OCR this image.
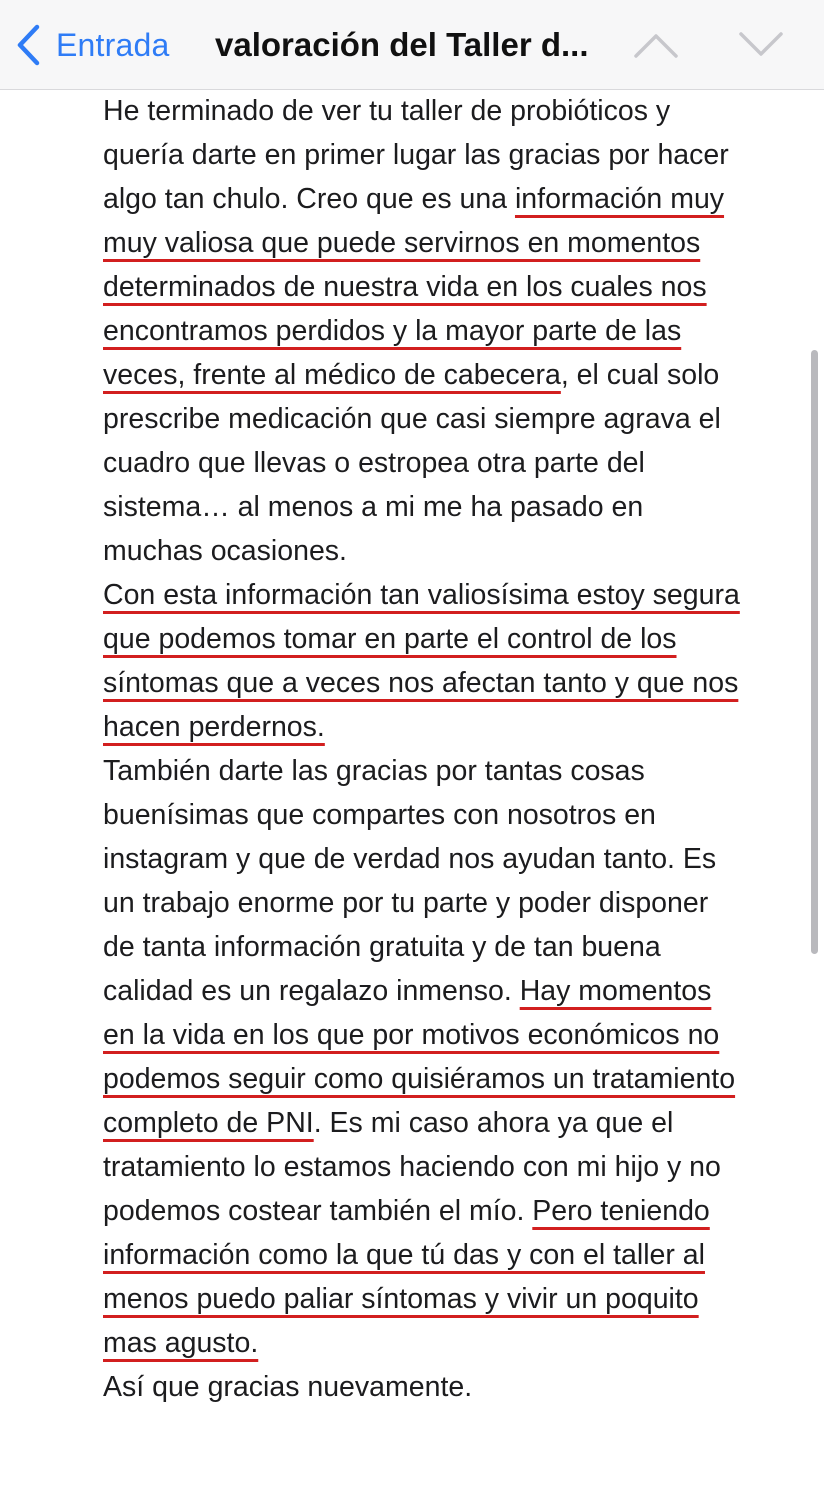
Entrada valoración del Taller d...

He terminado de ver tu taller de probióticos y quería darte en primer lugar las gracias por hacer algo tan chulo. Creo que es una información muy muy valiosa que puede servirnos en momentos determinados de nuestra vida en los cuales nos encontramos perdidos y la mayor parte de las veces, frente al médico de cabecera, el cual solo prescribe medicación que casi siempre agrava el cuadro que llevas o estropea otra parte del sistema… al menos a mi me ha pasado en muchas ocasiones.
Con esta información tan valiosísima estoy segura que podemos tomar en parte el control de los síntomas que a veces nos afectan tanto y que nos hacen perdernos.
También darte las gracias por tantas cosas buenísimas que compartes con nosotros en instagram y que de verdad nos ayudan tanto. Es un trabajo enorme por tu parte y poder disponer de tanta información gratuita y de tan buena calidad es un regalazo inmenso. Hay momentos en la vida en los que por motivos económicos no podemos seguir como quisiéramos un tratamiento completo de PNI. Es mi caso ahora ya que el tratamiento lo estamos haciendo con mi hijo y no podemos costear también el mío. Pero teniendo información como la que tú das y con el taller al menos puedo paliar síntomas y vivir un poquito mas agusto.
Así que gracias nuevamente.
